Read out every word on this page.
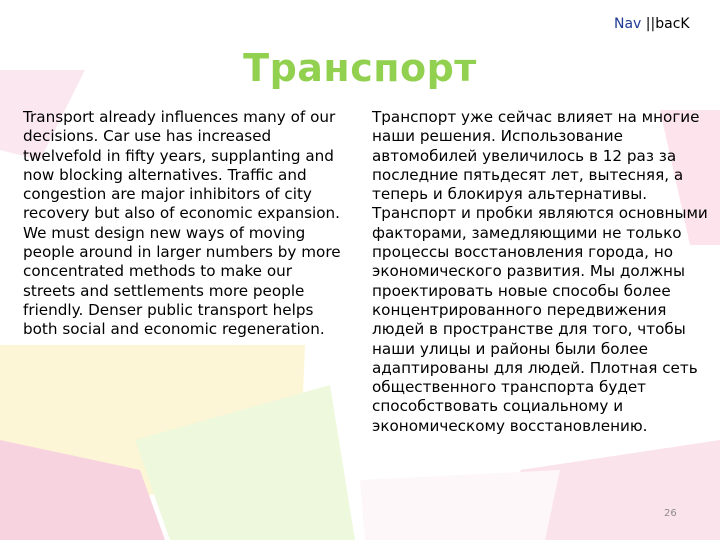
Nav ||bacK
Транспорт
Transport already influences many of our decisions. Car use has increased twelvefold in fifty years, supplanting and now blocking alternatives. Traffic and congestion are major inhibitors of city recovery but also of economic expansion. We must design new ways of moving people around in larger numbers by more concentrated methods to make our streets and settlements more people friendly. Denser public transport helps both social and economic regeneration.
Транспорт уже сейчас влияет на многие наши решения. Использование автомобилей увеличилось в 12 раз за последние пятьдесят лет, вытесняя, а теперь и блокируя альтернативы. Транспорт и пробки являются основными факторами, замедляющими не только процессы восстановления города, но экономического развития. Мы должны проектировать новые способы более концентрированного передвижения людей в пространстве для того, чтобы наши улицы и районы были более адаптированы для людей. Плотная сеть общественного транспорта будет способствовать социальному и экономическому восстановлению.
26
